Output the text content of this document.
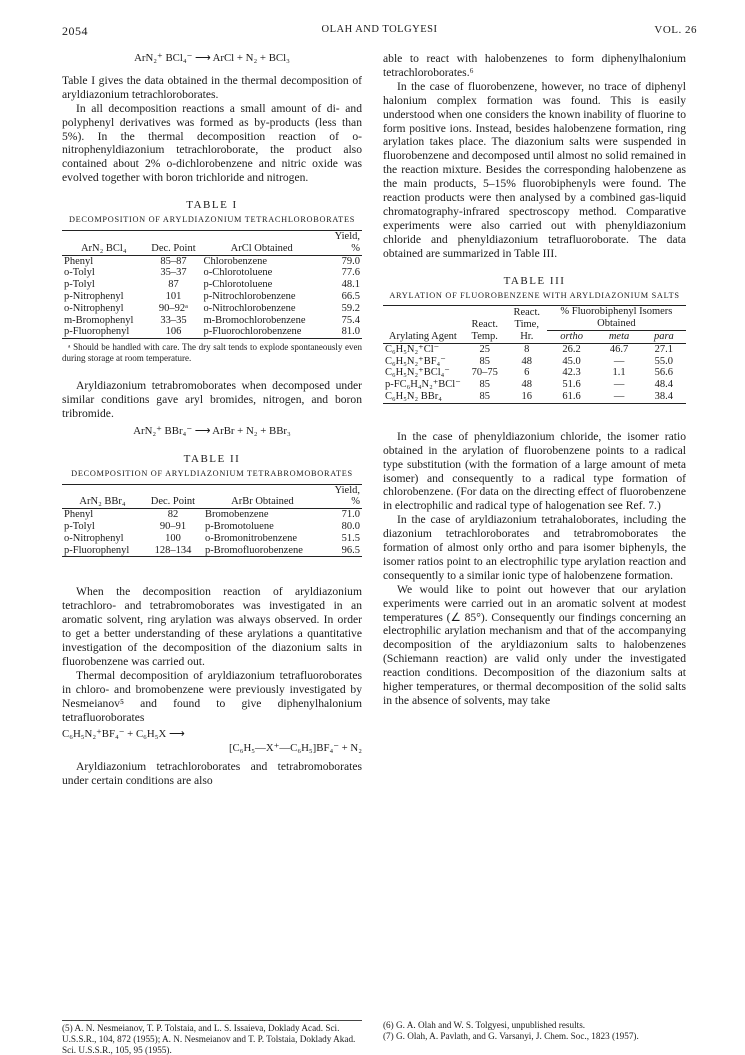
2054	OLAH AND TOLGYESI	VOL. 26
ArN₂⁺ BCl₄⁻ ⟶ ArCl + N₂ + BCl₃

Table I gives the data obtained in the thermal decomposition of aryldiazonium tetrachloroborates.

In all decomposition reactions a small amount of di- and polyphenyl derivatives was formed as by-products (less than 5%). In the thermal decomposition reaction of o-nitrophenyldiazonium tetrachloroborate, the product also contained about 2% o-dichlorobenzene and nitric oxide was evolved together with boron trichloride and nitrogen.

TABLE I
DECOMPOSITION OF ARYLDIAZONIUM TETRACHLOROBORATES
ArN₂ BCl₄	Dec. Point	ArCl Obtained	Yield, %
Phenyl	85–87	Chlorobenzene	79.0
o-Tolyl	35–37	o-Chlorotoluene	77.6
p-Tolyl	87	p-Chlorotoluene	48.1
p-Nitrophenyl	101	p-Nitrochlorobenzene	66.5
o-Nitrophenyl	90–92ᵃ	o-Nitrochlorobenzene	59.2
m-Bromophenyl	33–35	m-Bromochlorobenzene	75.4
p-Fluorophenyl	106	p-Fluorochlorobenzene	81.0
ᵃ Should be handled with care. The dry salt tends to explode spontaneously even during storage at room temperature.

Aryldiazonium tetrabromoborates when decomposed under similar conditions gave aryl bromides, nitrogen, and boron tribromide.

ArN₂⁺ BBr₄⁻ ⟶ ArBr + N₂ + BBr₃
TABLE II
DECOMPOSITION OF ARYLDIAZONIUM TETRABROMOBORATES
ArN₂ BBr₄	Dec. Point	ArBr Obtained	Yield, %
Phenyl	82	Bromobenzene	71.0
p-Tolyl	90–91	p-Bromotoluene	80.0
o-Nitrophenyl	100	o-Bromonitrobenzene	51.5
p-Fluorophenyl	128–134	p-Bromofluorobenzene	96.5

When the decomposition reaction of aryldiazonium tetrachloro- and tetrabromoborates was investigated in an aromatic solvent, ring arylation was always observed. In order to get a better understanding of these arylations a quantitative investigation of the decomposition of the diazonium salts in fluorobenzene was carried out.

Thermal decomposition of aryldiazonium tetrafluoroborates in chloro- and bromobenzene were previously investigated by Nesmeianov⁵ and found to give diphenylhalonium tetrafluoroborates

C₆H₅N₂⁺BF₄⁻ + C₆H₅X ⟶
[C₆H₅—X⁺—C₆H₅]BF₄⁻ + N₂

Aryldiazonium tetrachloroborates and tetrabromoborates under certain conditions are also

(5) A. N. Nesmeianov, T. P. Tolstaia, and L. S. Issaieva, Doklady Acad. Sci. U.S.S.R., 104, 872 (1955); A. N. Nesmeianov and T. P. Tolstaia, Doklady Akad. Sci. U.S.S.R., 105, 95 (1955).

able to react with halobenzenes to form diphenylhalonium tetrachloroborates.⁶

In the case of fluorobenzene, however, no trace of diphenyl halonium complex formation was found. This is easily understood when one considers the known inability of fluorine to form positive ions. Instead, besides halobenzene formation, ring arylation takes place. The diazonium salts were suspended in fluorobenzene and decomposed until almost no solid remained in the reaction mixture. Besides the corresponding halobenzene as the main products, 5–15% fluorobiphenyls were found. The reaction products were then analysed by a combined gas-liquid chromatography-infrared spectroscopy method. Comparative experiments were also carried out with phenyldiazonium chloride and phenyldiazonium tetrafluoroborate. The data obtained are summarized in Table III.

TABLE III
ARYLATION OF FLUOROBENZENE WITH ARYLDIAZONIUM SALTS
Arylating Agent	React. Temp.	React. Time, Hr.	% Fluorobiphenyl Isomers Obtained		
			ortho	meta	para
C₆H₅N₂⁺Cl⁻	25	8	26.2	46.7	27.1
C₆H₅N₂⁺BF₄⁻	85	48	45.0	—	55.0
C₆H₅N₂⁺BCl₄⁻	70–75	6	42.3	1.1	56.6
p-FC₆H₄N₂⁺BCl⁻	85	48	51.6	—	48.4
C₆H₅N₂ BBr₄	85	16	61.6	—	38.4

In the case of phenyldiazonium chloride, the isomer ratio obtained in the arylation of fluorobenzene points to a radical type substitution (with the formation of a large amount of meta isomer) and consequently to a radical type formation of chlorobenzene. (For data on the directing effect of fluorobenzene in electrophilic and radical type of halogenation see Ref. 7.)

In the case of aryldiazonium tetrahaloborates, including the diazonium tetrachloroborates and tetrabromoborates the formation of almost only ortho and para isomer biphenyls, the isomer ratios point to an electrophilic type arylation reaction and consequently to a similar ionic type of halobenzene formation.

We would like to point out however that our arylation experiments were carried out in an aromatic solvent at modest temperatures (∠ 85°). Consequently our findings concerning an electrophilic arylation mechanism and that of the accompanying decomposition of the aryldiazonium salts to halobenzenes (Schiemann reaction) are valid only under the investigated reaction conditions. Decomposition of the diazonium salts at higher temperatures, or thermal decomposition of the solid salts in the absence of solvents, may take

(6) G. A. Olah and W. S. Tolgyesi, unpublished results.
(7) G. Olah, A. Pavlath, and G. Varsanyi, J. Chem. Soc., 1823 (1957).
